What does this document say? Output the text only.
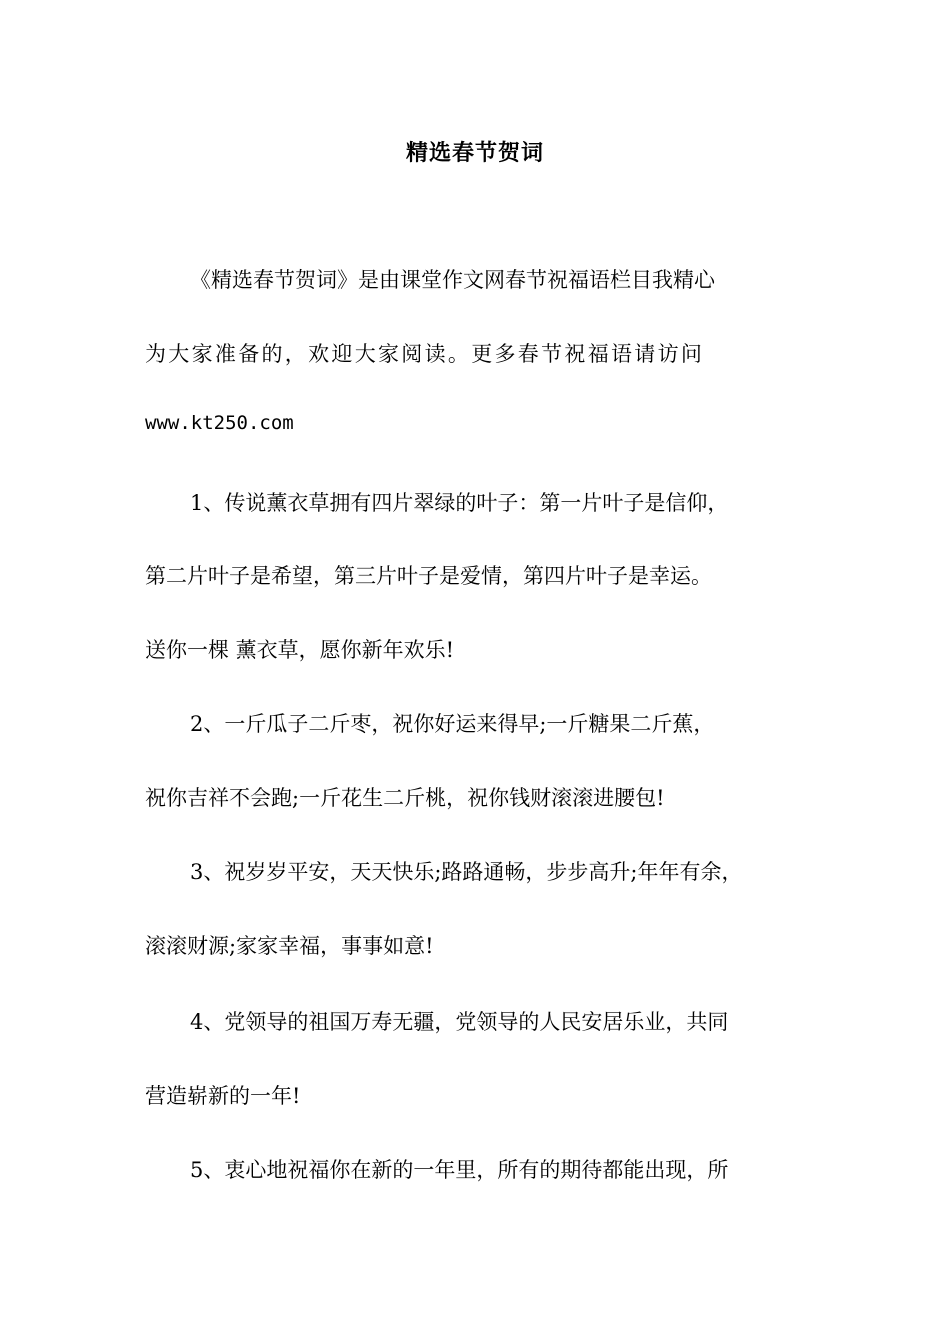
精选春节贺词
《精选春节贺词》是由课堂作文网春节祝福语栏目我精心
为大家准备的，欢迎大家阅读。更多春节祝福语请访问
www.kt250.com
1、传说薰衣草拥有四片翠绿的叶子：第一片叶子是信仰，
第二片叶子是希望，第三片叶子是爱情，第四片叶子是幸运。
送你一棵 薰衣草，愿你新年欢乐!
2、一斤瓜子二斤枣，祝你好运来得早;一斤糖果二斤蕉，
祝你吉祥不会跑;一斤花生二斤桃，祝你钱财滚滚进腰包!
3、祝岁岁平安，天天快乐;路路通畅，步步高升;年年有余，
滚滚财源;家家幸福，事事如意!
4、党领导的祖国万寿无疆，党领导的人民安居乐业，共同
营造崭新的一年!
5、衷心地祝福你在新的一年里，所有的期待都能出现，所
